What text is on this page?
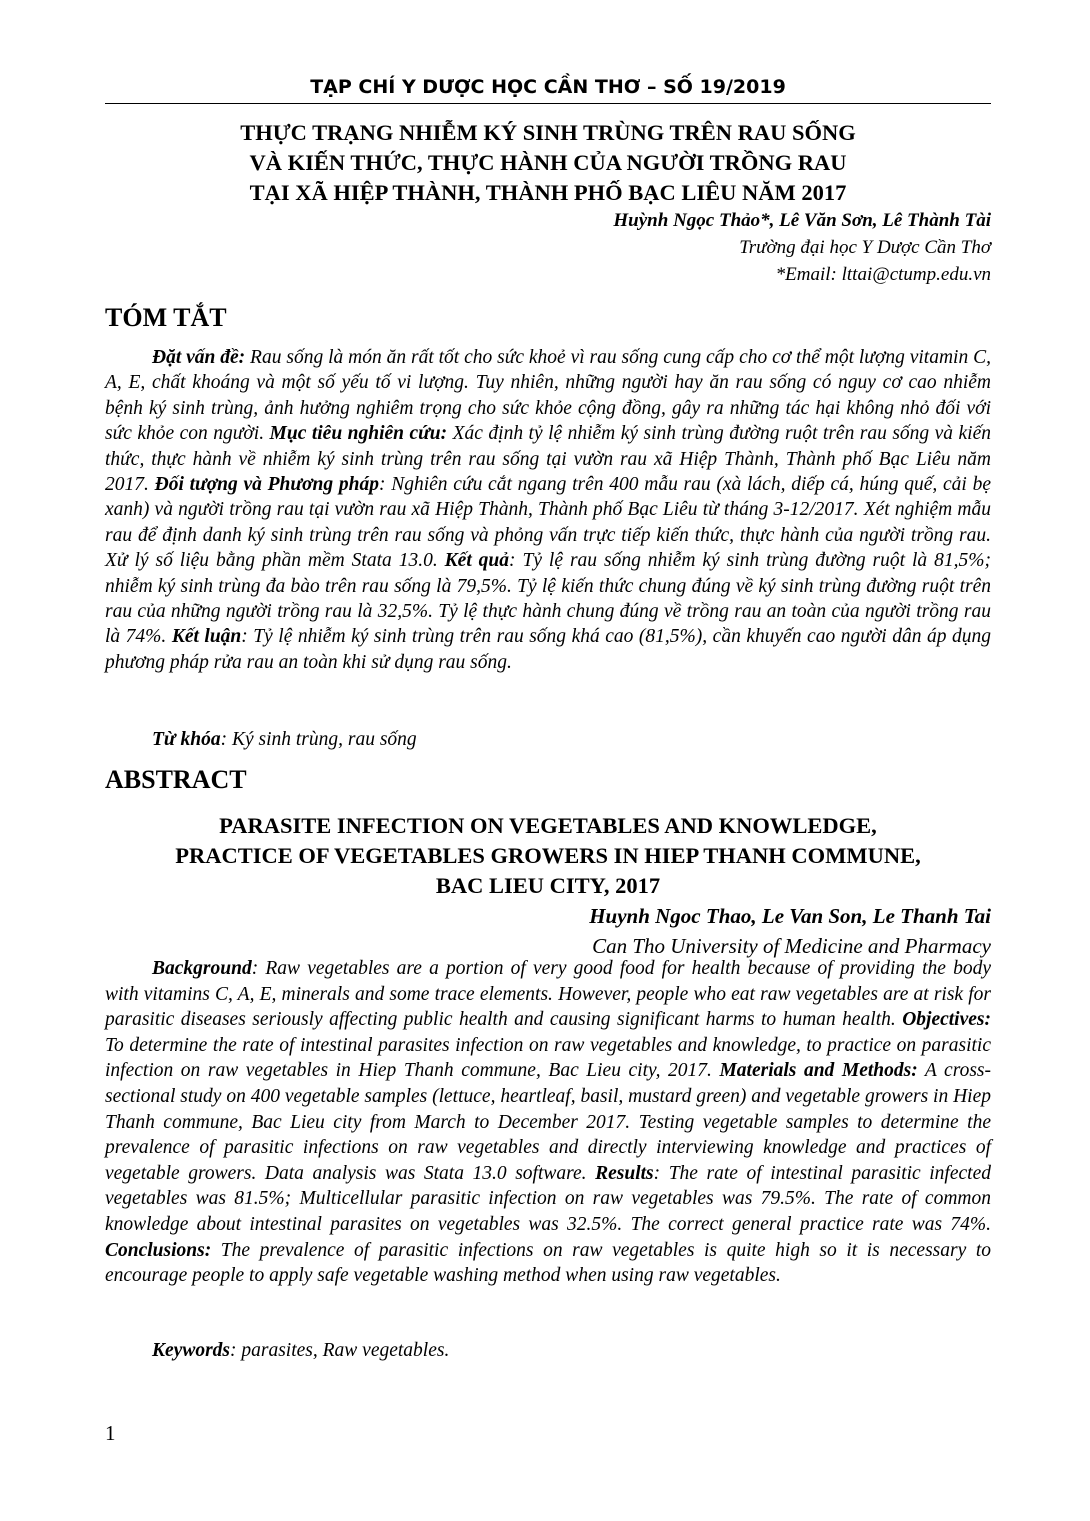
TẠP CHÍ Y DƯỢC HỌC CẦN THƠ – SỐ 19/2019
THỰC TRẠNG NHIỄM KÝ SINH TRÙNG TRÊN RAU SỐNG
VÀ KIẾN THỨC, THỰC HÀNH CỦA NGƯỜI TRỒNG RAU
TẠI XÃ HIỆP THÀNH, THÀNH PHỐ BẠC LIÊU NĂM 2017
Huỳnh Ngọc Thảo*, Lê Văn Sơn, Lê Thành Tài
Trường đại học Y Dược Cần Thơ
*Email: lttai@ctump.edu.vn
TÓM TẮT

Đặt vấn đề: Rau sống là món ăn rất tốt cho sức khoẻ vì rau sống cung cấp cho cơ thể một lượng vitamin C, A, E, chất khoáng và một số yếu tố vi lượng. Tuy nhiên, những người hay ăn rau sống có nguy cơ cao nhiễm bệnh ký sinh trùng, ảnh hưởng nghiêm trọng cho sức khỏe cộng đồng, gây ra những tác hại không nhỏ đối với sức khỏe con người. Mục tiêu nghiên cứu: Xác định tỷ lệ nhiễm ký sinh trùng đường ruột trên rau sống và kiến thức, thực hành về nhiễm ký sinh trùng trên rau sống tại vườn rau xã Hiệp Thành, Thành phố Bạc Liêu năm 2017. Đối tượng và Phương pháp: Nghiên cứu cắt ngang trên 400 mẫu rau (xà lách, diếp cá, húng quế, cải bẹ xanh) và người trồng rau tại vườn rau xã Hiệp Thành, Thành phố Bạc Liêu từ tháng 3-12/2017. Xét nghiệm mẫu rau để định danh ký sinh trùng trên rau sống và phỏng vấn trực tiếp kiến thức, thực hành của người trồng rau. Xử lý số liệu bằng phần mềm Stata 13.0. Kết quả: Tỷ lệ rau sống nhiễm ký sinh trùng đường ruột là 81,5%; nhiễm ký sinh trùng đa bào trên rau sống là 79,5%. Tỷ lệ kiến thức chung đúng về ký sinh trùng đường ruột trên rau của những người trồng rau là 32,5%. Tỷ lệ thực hành chung đúng về trồng rau an toàn của người trồng rau là 74%. Kết luận: Tỷ lệ nhiễm ký sinh trùng trên rau sống khá cao (81,5%), cần khuyến cao người dân áp dụng phương pháp rửa rau an toàn khi sử dụng rau sống.

Từ khóa: Ký sinh trùng, rau sống
ABSTRACT
PARASITE INFECTION ON VEGETABLES AND KNOWLEDGE,
PRACTICE OF VEGETABLES GROWERS IN HIEP THANH COMMUNE,
BAC LIEU CITY, 2017
Huynh Ngoc Thao, Le Van Son, Le Thanh Tai
Can Tho University of Medicine and Pharmacy

Background: Raw vegetables are a portion of very good food for health because of providing the body with vitamins C, A, E, minerals and some trace elements. However, people who eat raw vegetables are at risk for parasitic diseases seriously affecting public health and causing significant harms to human health. Objectives: To determine the rate of intestinal parasites infection on raw vegetables and knowledge, to practice on parasitic infection on raw vegetables in Hiep Thanh commune, Bac Lieu city, 2017. Materials and Methods: A cross-sectional study on 400 vegetable samples (lettuce, heartleaf, basil, mustard green) and vegetable growers in Hiep Thanh commune, Bac Lieu city from March to December 2017. Testing vegetable samples to determine the prevalence of parasitic infections on raw vegetables and directly interviewing knowledge and practices of vegetable growers. Data analysis was Stata 13.0 software. Results: The rate of intestinal parasitic infected vegetables was 81.5%; Multicellular parasitic infection on raw vegetables was 79.5%. The rate of common knowledge about intestinal parasites on vegetables was 32.5%. The correct general practice rate was 74%. Conclusions: The prevalence of parasitic infections on raw vegetables is quite high so it is necessary to encourage people to apply safe vegetable washing method when using raw vegetables.

Keywords: parasites, Raw vegetables.
1
